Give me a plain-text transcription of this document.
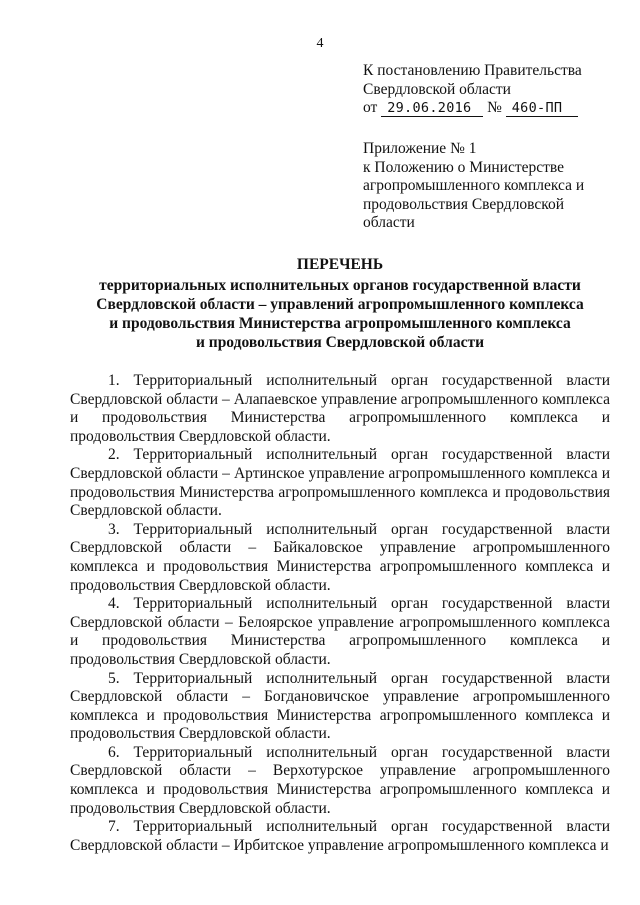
4
К постановлению Правительства
Свердловской области
от 29.06.2016 № 460-ПП
Приложение № 1
к Положению о Министерстве
агропромышленного комплекса и
продовольствия Свердловской
области
ПЕРЕЧЕНЬ
территориальных исполнительных органов государственной власти
Свердловской области – управлений агропромышленного комплекса
и продовольствия Министерства агропромышленного комплекса
и продовольствия Свердловской области

1. Территориальный исполнительный орган государственной власти Свердловской области – Алапаевское управление агропромышленного комплекса и продовольствия Министерства агропромышленного комплекса и продовольствия Свердловской области.

2. Территориальный исполнительный орган государственной власти Свердловской области – Артинское управление агропромышленного комплекса и продовольствия Министерства агропромышленного комплекса и продовольствия Свердловской области.

3. Территориальный исполнительный орган государственной власти Свердловской области – Байкаловское управление агропромышленного комплекса и продовольствия Министерства агропромышленного комплекса и продовольствия Свердловской области.

4. Территориальный исполнительный орган государственной власти Свердловской области – Белоярское управление агропромышленного комплекса и продовольствия Министерства агропромышленного комплекса и продовольствия Свердловской области.

5. Территориальный исполнительный орган государственной власти Свердловской области – Богдановичское управление агропромышленного комплекса и продовольствия Министерства агропромышленного комплекса и продовольствия Свердловской области.

6. Территориальный исполнительный орган государственной власти Свердловской области – Верхотурское управление агропромышленного комплекса и продовольствия Министерства агропромышленного комплекса и продовольствия Свердловской области.

7. Территориальный исполнительный орган государственной власти Свердловской области – Ирбитское управление агропромышленного комплекса и
